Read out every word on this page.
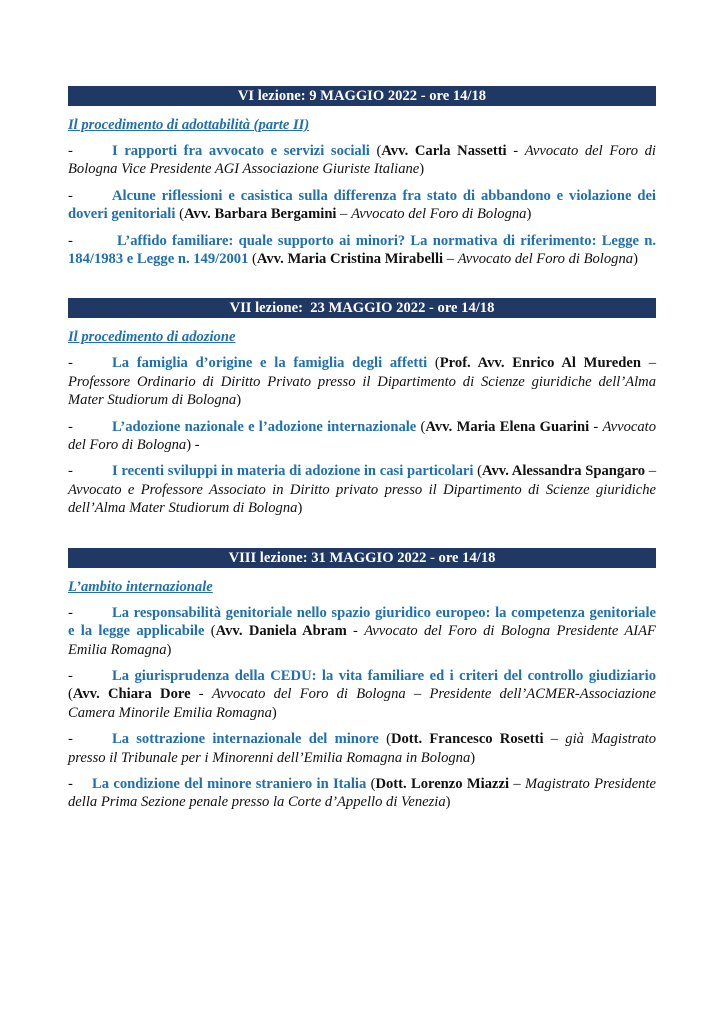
VI lezione: 9 MAGGIO 2022 - ore 14/18
Il procedimento di adottabilità (parte II)
-	I rapporti fra avvocato e servizi sociali (Avv. Carla Nassetti - Avvocato del Foro di Bologna Vice Presidente AGI Associazione Giuriste Italiane)
-	Alcune riflessioni e casistica sulla differenza fra stato di abbandono e violazione dei doveri genitoriali (Avv. Barbara Bergamini – Avvocato del Foro di Bologna)
-	L’affido familiare: quale supporto ai minori? La normativa di riferimento: Legge n. 184/1983 e Legge n. 149/2001 (Avv. Maria Cristina Mirabelli – Avvocato del Foro di Bologna)
VII lezione:  23 MAGGIO 2022 - ore 14/18
Il procedimento di adozione
-	La famiglia d’origine e la famiglia degli affetti (Prof. Avv. Enrico Al Mureden – Professore Ordinario di Diritto Privato presso il Dipartimento di Scienze giuridiche dell’Alma Mater Studiorum di Bologna)
-	L’adozione nazionale e l’adozione internazionale (Avv. Maria Elena Guarini - Avvocato del Foro di Bologna) -
-	I recenti sviluppi in materia di adozione in casi particolari (Avv. Alessandra Spangaro – Avvocato e Professore Associato in Diritto privato presso il Dipartimento di Scienze giuridiche dell’Alma Mater Studiorum di Bologna)
VIII lezione: 31 MAGGIO 2022 - ore 14/18
L’ambito internazionale
-	La responsabilità genitoriale nello spazio giuridico europeo: la competenza genitoriale e la legge applicabile (Avv. Daniela Abram - Avvocato del Foro di Bologna Presidente AIAF Emilia Romagna)
-	La giurisprudenza della CEDU: la vita familiare ed i criteri del controllo giudiziario (Avv. Chiara Dore - Avvocato del Foro di Bologna – Presidente dell’ACMER-Associazione Camera Minorile Emilia Romagna)
-	La sottrazione internazionale del minore (Dott. Francesco Rosetti – già Magistrato presso il Tribunale per i Minorenni dell’Emilia Romagna in Bologna)
- La condizione del minore straniero in Italia (Dott. Lorenzo Miazzi – Magistrato Presidente della Prima Sezione penale presso la Corte d’Appello di Venezia)
